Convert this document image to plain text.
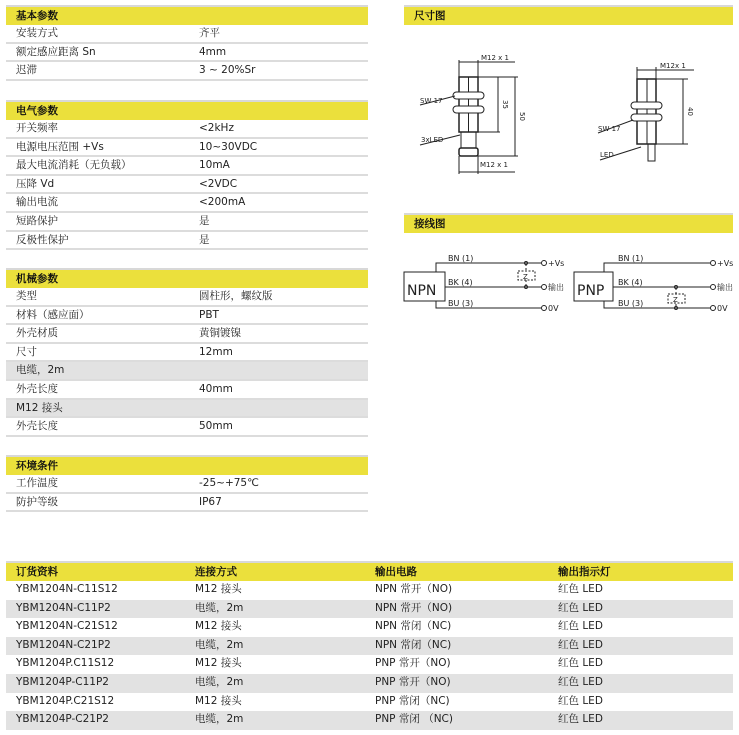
基本参数
安装方式	齐平
额定感应距离 Sn	4mm
迟滞	3 ~ 20%Sr
电气参数
开关频率	<2kHz
电源电压范围 +Vs	10~30VDC
最大电流消耗（无负载）	10mA
压降 Vd	<2VDC
输出电流	<200mA
短路保护	是
反极性保护	是
机械参数
类型	圆柱形，螺纹版
材料（感应面）	PBT
外壳材质	黄铜镀镍
尺寸	12mm
电缆，2m
外壳长度	40mm
M12 接头
外壳长度	50mm
环境条件
工作温度	-25~+75℃
防护等级	IP67
尺寸图
M12 x 1
M12 x 1
M12x 1
SW 17
SW 17
3xLED
LED
35
50
40
接线图
NPN	PNP
BN (1)
BK (4)
BU (3)
BN (1)
BK (4)
BU (3)
+Vs
输出
0V
+Vs
输出
0V
Z
Z
订货资料	连接方式	输出电路	输出指示灯
YBM1204N-C11S12	M12 接头	NPN 常开（NO)	红色 LED
YBM1204N-C11P2	电缆，2m	NPN 常开（NO)	红色 LED
YBM1204N-C21S12	M12 接头	NPN 常闭（NC)	红色 LED
YBM1204N-C21P2	电缆，2m	NPN 常闭（NC)	红色 LED
YBM1204P.C11S12	M12 接头	PNP 常开（NO)	红色 LED
YBM1204P-C11P2	电缆，2m	PNP 常开（NO)	红色 LED
YBM1204P.C21S12	M12 接头	PNP 常闭（NC)	红色 LED
YBM1204P-C21P2	电缆，2m	PNP 常闭 （NC)	红色 LED
